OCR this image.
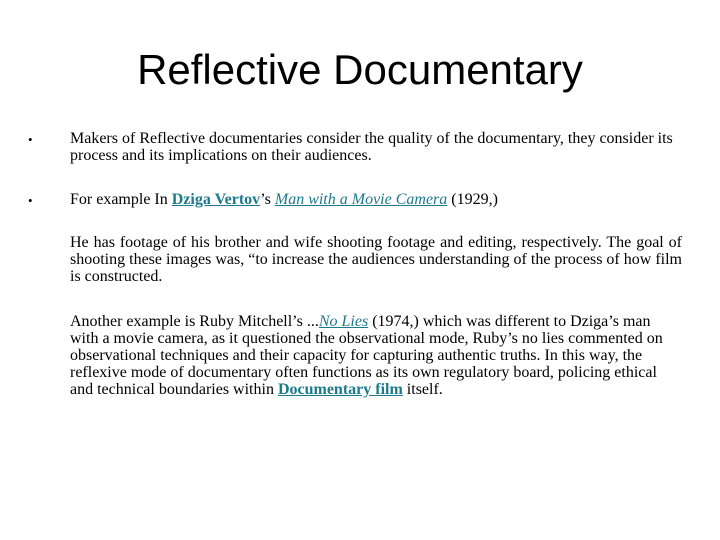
Reflective Documentary
• Makers of Reflective documentaries consider the quality of the documentary, they consider its process and its implications on their audiences.
• For example In Dziga Vertov’s Man with a Movie Camera (1929,)
He has footage of his brother and wife shooting footage and editing, respectively. The goal of shooting these images was, “to increase the audiences understanding of the process of how film is constructed.
Another example is Ruby Mitchell’s ...No Lies (1974,) which was different to Dziga’s man with a movie camera, as it questioned the observational mode, Ruby’s no lies commented on observational techniques and their capacity for capturing authentic truths. In this way, the reflexive mode of documentary often functions as its own regulatory board, policing ethical and technical boundaries within Documentary film itself.
